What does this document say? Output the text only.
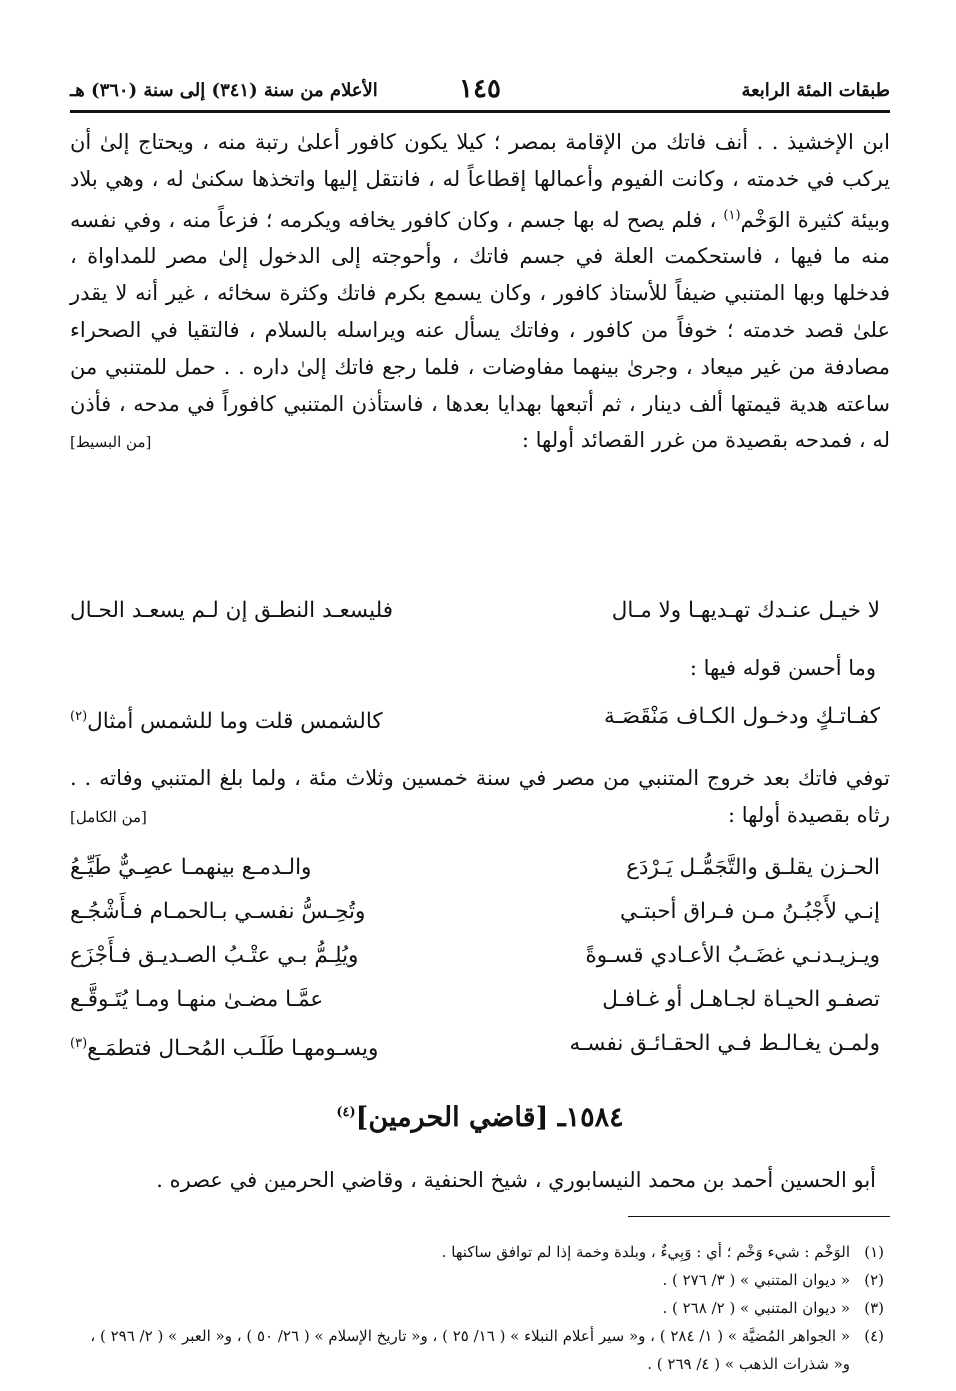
طبقات المئة الرابعة
١٤٥
الأعلام من سنة (٣٤١) إلى سنة (٣٦٠) هـ

ابن الإخشيذ . . أنف فاتك من الإقامة بمصر ؛ كيلا يكون كافور أعلىٰ رتبة منه ، ويحتاج إلىٰ أن يركب في خدمته ، وكانت الفيوم وأعمالها إقطاعاً له ، فانتقل إليها واتخذها سكنىٰ له ، وهي بلاد وبيئة كثيرة الوَخْم$^{(١)}$ ، فلم يصح له بها جسم ، وكان كافور يخافه ويكرمه ؛ فزعاً منه ، وفي نفسه منه ما فيها ، فاستحكمت العلة في جسم فاتك ، وأحوجته إلى الدخول إلىٰ مصر للمداواة ، فدخلها وبها المتنبي ضيفاً للأستاذ كافور ، وكان يسمع بكرم فاتك وكثرة سخائه ، غير أنه لا يقدر علىٰ قصد خدمته ؛ خوفاً من كافور ، وفاتك يسأل عنه ويراسله بالسلام ، فالتقيا في الصحراء مصادفة من غير ميعاد ، وجرىٰ بينهما مفاوضات ، فلما رجع فاتك إلىٰ داره . . حمل للمتنبي من ساعته هدية قيمتها ألف دينار ، ثم أتبعها بهدايا بعدها ، فاستأذن المتنبي كافوراً في مدحه ، فأذن له ، فمدحه بقصيدة من غرر القصائد أولها :
[من البسيط]

لا خيـل عنـدك تهـديهـا ولا مـال
فليسعـد النطـق إن لـم يسعـد الحـال
وما أحسن قوله فيها :
كفـاتـكٍ ودخـول الكـاف مَنْقَصَـة
كالشمس قلت وما للشمس أمثال$^{(٢)}$
توفي فاتك بعد خروج المتنبي من مصر في سنة خمسين وثلاث مئة ، ولما بلغ المتنبي وفاته . . رثاه بقصيدة أولها :
[من الكامل]
الحـزن يقلـق والتَّجَمُّـل يَـرْدَع
والـدمـع بينهمـا عصِـيٌّ طَيِّـعُ
إنـي لأَجْبُـنُ مـن فـراق أحبتـي
وتُحِـسُّ نفسـي بـالحمـام فـأَشْجُـع
ويـزيـدنـي غضَـبُ الأعـادي قسـوةً
ويُلِـمُّ بـي عتْـبُ الصـديـق فـأَجْزَع
تصفـو الحيـاة لجـاهـل أو غـافـل
عمَّـا مضـىٰ منهـا ومـا يُتَـوقَّـع
ولمـن يغـالـط فـي الحقـائـق نفسـه
ويسـومهـا طَلَـب المُحـال فتطمَـع$^{(٣)}$
١٥٨٤ـ [قاضي الحرمين]$^{(٤)}$
أبو الحسين أحمد بن محمد النيسابوري ، شيخ الحنفية ، وقاضي الحرمين في عصره .
(١)
الوَخْم : شيء وَخْم ؛ أي : وَبِيءٌ ، وبلدة وخمة إذا لم توافق ساكنها .
(٢)
« ديوان المتنبي » ( ٣/ ٢٧٦ ) .
(٣)
« ديوان المتنبي » ( ٢/ ٢٦٨ ) .
(٤)
« الجواهر المُضيَّة » ( ١/ ٢٨٤ ) ، و« سير أعلام النبلاء » ( ١٦/ ٢٥ ) ، و« تاريخ الإسلام » ( ٢٦/ ٥٠ ) ، و« العبر » ( ٢/ ٢٩٦ ) ، و« شذرات الذهب » ( ٤/ ٢٦٩ ) .
